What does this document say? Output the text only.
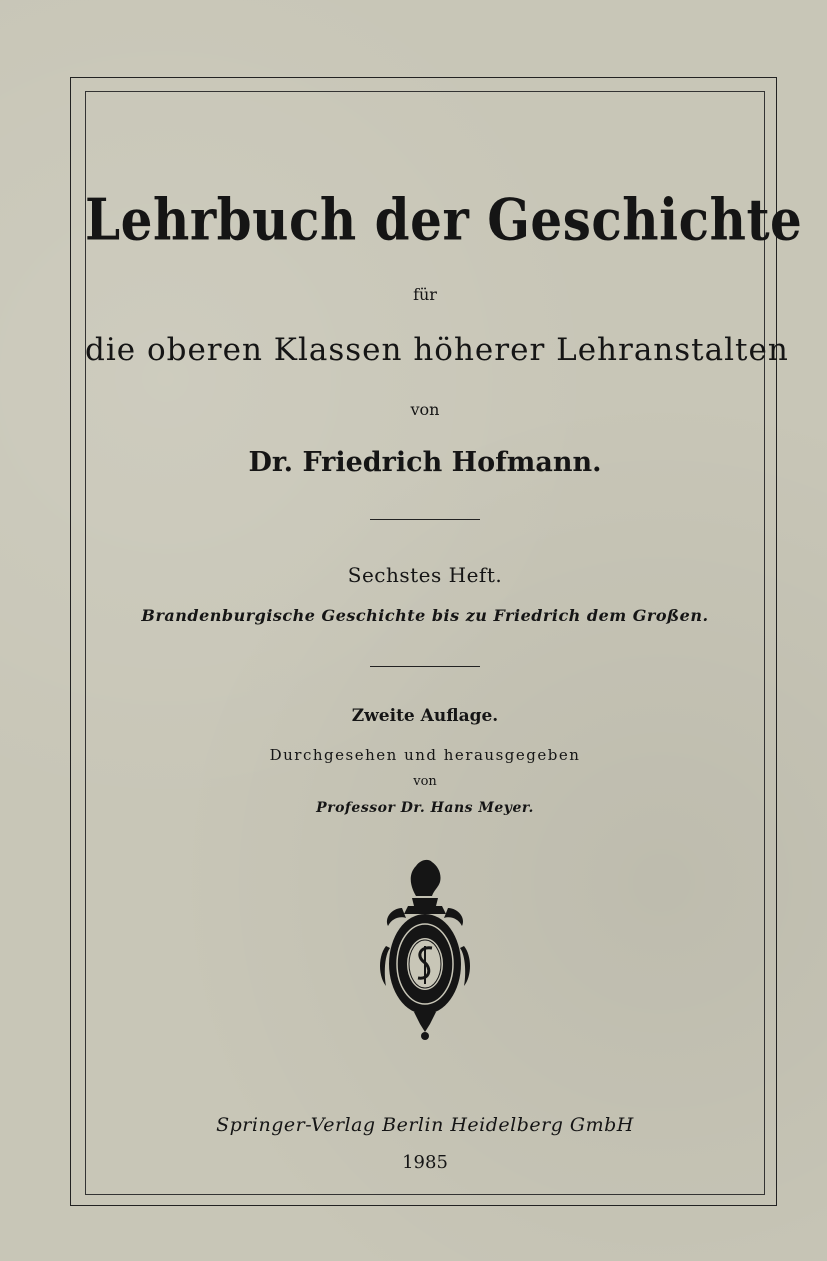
Lehrbuch der Geschichte
für
die oberen Klassen höherer Lehranstalten
von
Dr. Friedrich Hofmann.
Sechstes Heft.
Brandenburgische Geschichte bis zu Friedrich dem Großen.
Zweite Auflage.
Durchgesehen und herausgegeben
von
Professor Dr. Hans Meyer.
Springer-Verlag Berlin Heidelberg GmbH
1985
